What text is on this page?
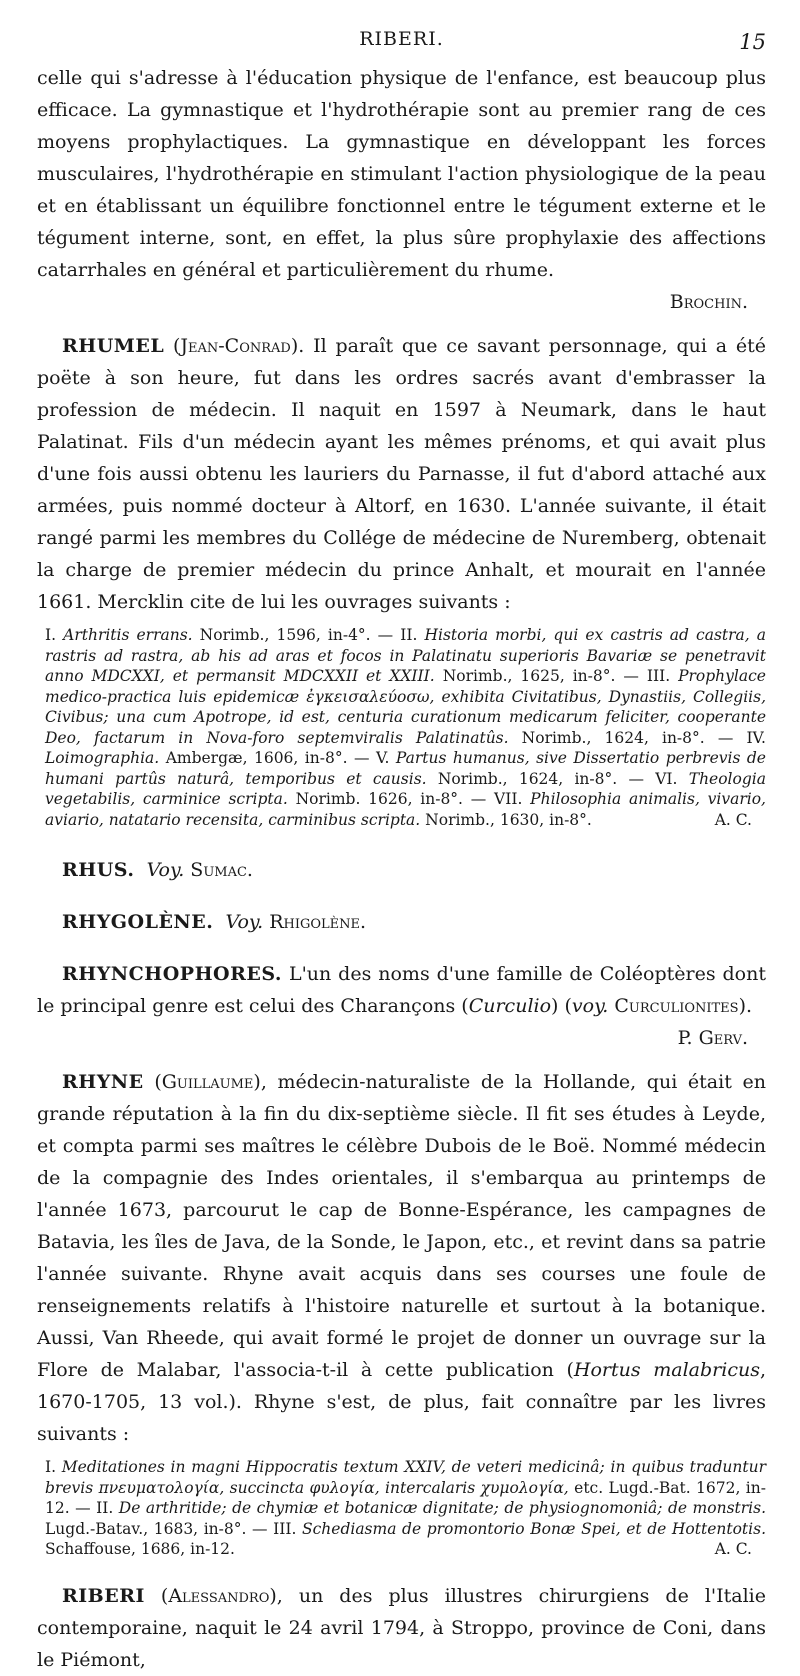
RIBERI.	15

celle qui s'adresse à l'éducation physique de l'enfance, est beaucoup plus efficace. La gymnastique et l'hydrothérapie sont au premier rang de ces moyens prophylactiques. La gymnastique en développant les forces musculaires, l'hydrothérapie en stimulant l'action physiologique de la peau et en établissant un équilibre fonctionnel entre le tégument externe et le tégument interne, sont, en effet, la plus sûre prophylaxie des affections catarrhales en général et particulièrement du rhume.
Brochin.

RHUMEL (Jean-Conrad). Il paraît que ce savant personnage, qui a été poëte à son heure, fut dans les ordres sacrés avant d'embrasser la profession de médecin. Il naquit en 1597 à Neumark, dans le haut Palatinat. Fils d'un médecin ayant les mêmes prénoms, et qui avait plus d'une fois aussi obtenu les lauriers du Parnasse, il fut d'abord attaché aux armées, puis nommé docteur à Altorf, en 1630. L'année suivante, il était rangé parmi les membres du Collége de médecine de Nuremberg, obtenait la charge de premier médecin du prince Anhalt, et mourait en l'année 1661. Mercklin cite de lui les ouvrages suivants :

I. Arthritis errans. Norimb., 1596, in-4°. — II. Historia morbi, qui ex castris ad castra, a rastris ad rastra, ab his ad aras et focos in Palatinatu superioris Bavariæ se penetravit anno MDCXXI, et permansit MDCXXII et XXIII. Norimb., 1625, in-8°. — III. Prophylace medico-practica luis epidemicæ ἐγκεισαλεύοσω, exhibita Civitatibus, Dynastiis, Collegiis, Civibus; una cum Apotrope, id est, centuria curationum medicarum feliciter, cooperante Deo, factarum in Nova-foro septemviralis Palatinatûs. Norimb., 1624, in-8°. — IV. Loimographia. Ambergæ, 1606, in-8°. — V. Partus humanus, sive Dissertatio perbrevis de humani partûs naturâ, temporibus et causis. Norimb., 1624, in-8°. — VI. Theologia vegetabilis, carminice scripta. Norimb. 1626, in-8°. — VII. Philosophia animalis, vivario, aviario, natatario recensita, carminibus scripta. Norimb., 1630, in-8°.	A. C.

RHUS. Voy. Sumac.

RHYGOLÈNE. Voy. Rhigolène.

RHYNCHOPHORES. L'un des noms d'une famille de Coléoptères dont le principal genre est celui des Charançons (Curculio) (voy. Curculionites).
P. Gerv.

RHYNE (Guillaume), médecin-naturaliste de la Hollande, qui était en grande réputation à la fin du dix-septième siècle. Il fit ses études à Leyde, et compta parmi ses maîtres le célèbre Dubois de le Boë. Nommé médecin de la compagnie des Indes orientales, il s'embarqua au printemps de l'année 1673, parcourut le cap de Bonne-Espérance, les campagnes de Batavia, les îles de Java, de la Sonde, le Japon, etc., et revint dans sa patrie l'année suivante. Rhyne avait acquis dans ses courses une foule de renseignements relatifs à l'histoire naturelle et surtout à la botanique. Aussi, Van Rheede, qui avait formé le projet de donner un ouvrage sur la Flore de Malabar, l'associa-t-il à cette publication (Hortus malabricus, 1670-1705, 13 vol.). Rhyne s'est, de plus, fait connaître par les livres suivants :

I. Meditationes in magni Hippocratis textum XXIV, de veteri medicinâ; in quibus traduntur brevis πνευματολογία, succincta φυλογία, intercalaris χυμολογία, etc. Lugd.-Bat. 1672, in-12. — II. De arthritide; de chymiæ et botanicæ dignitate; de physiognomoniâ; de monstris. Lugd.-Batav., 1683, in-8°. — III. Schediasma de promontorio Bonæ Spei, et de Hottentotis. Schaffouse, 1686, in-12.	A. C.

RIBERI (Alessandro), un des plus illustres chirurgiens de l'Italie contemporaine, naquit le 24 avril 1794, à Stroppo, province de Coni, dans le Piémont,
